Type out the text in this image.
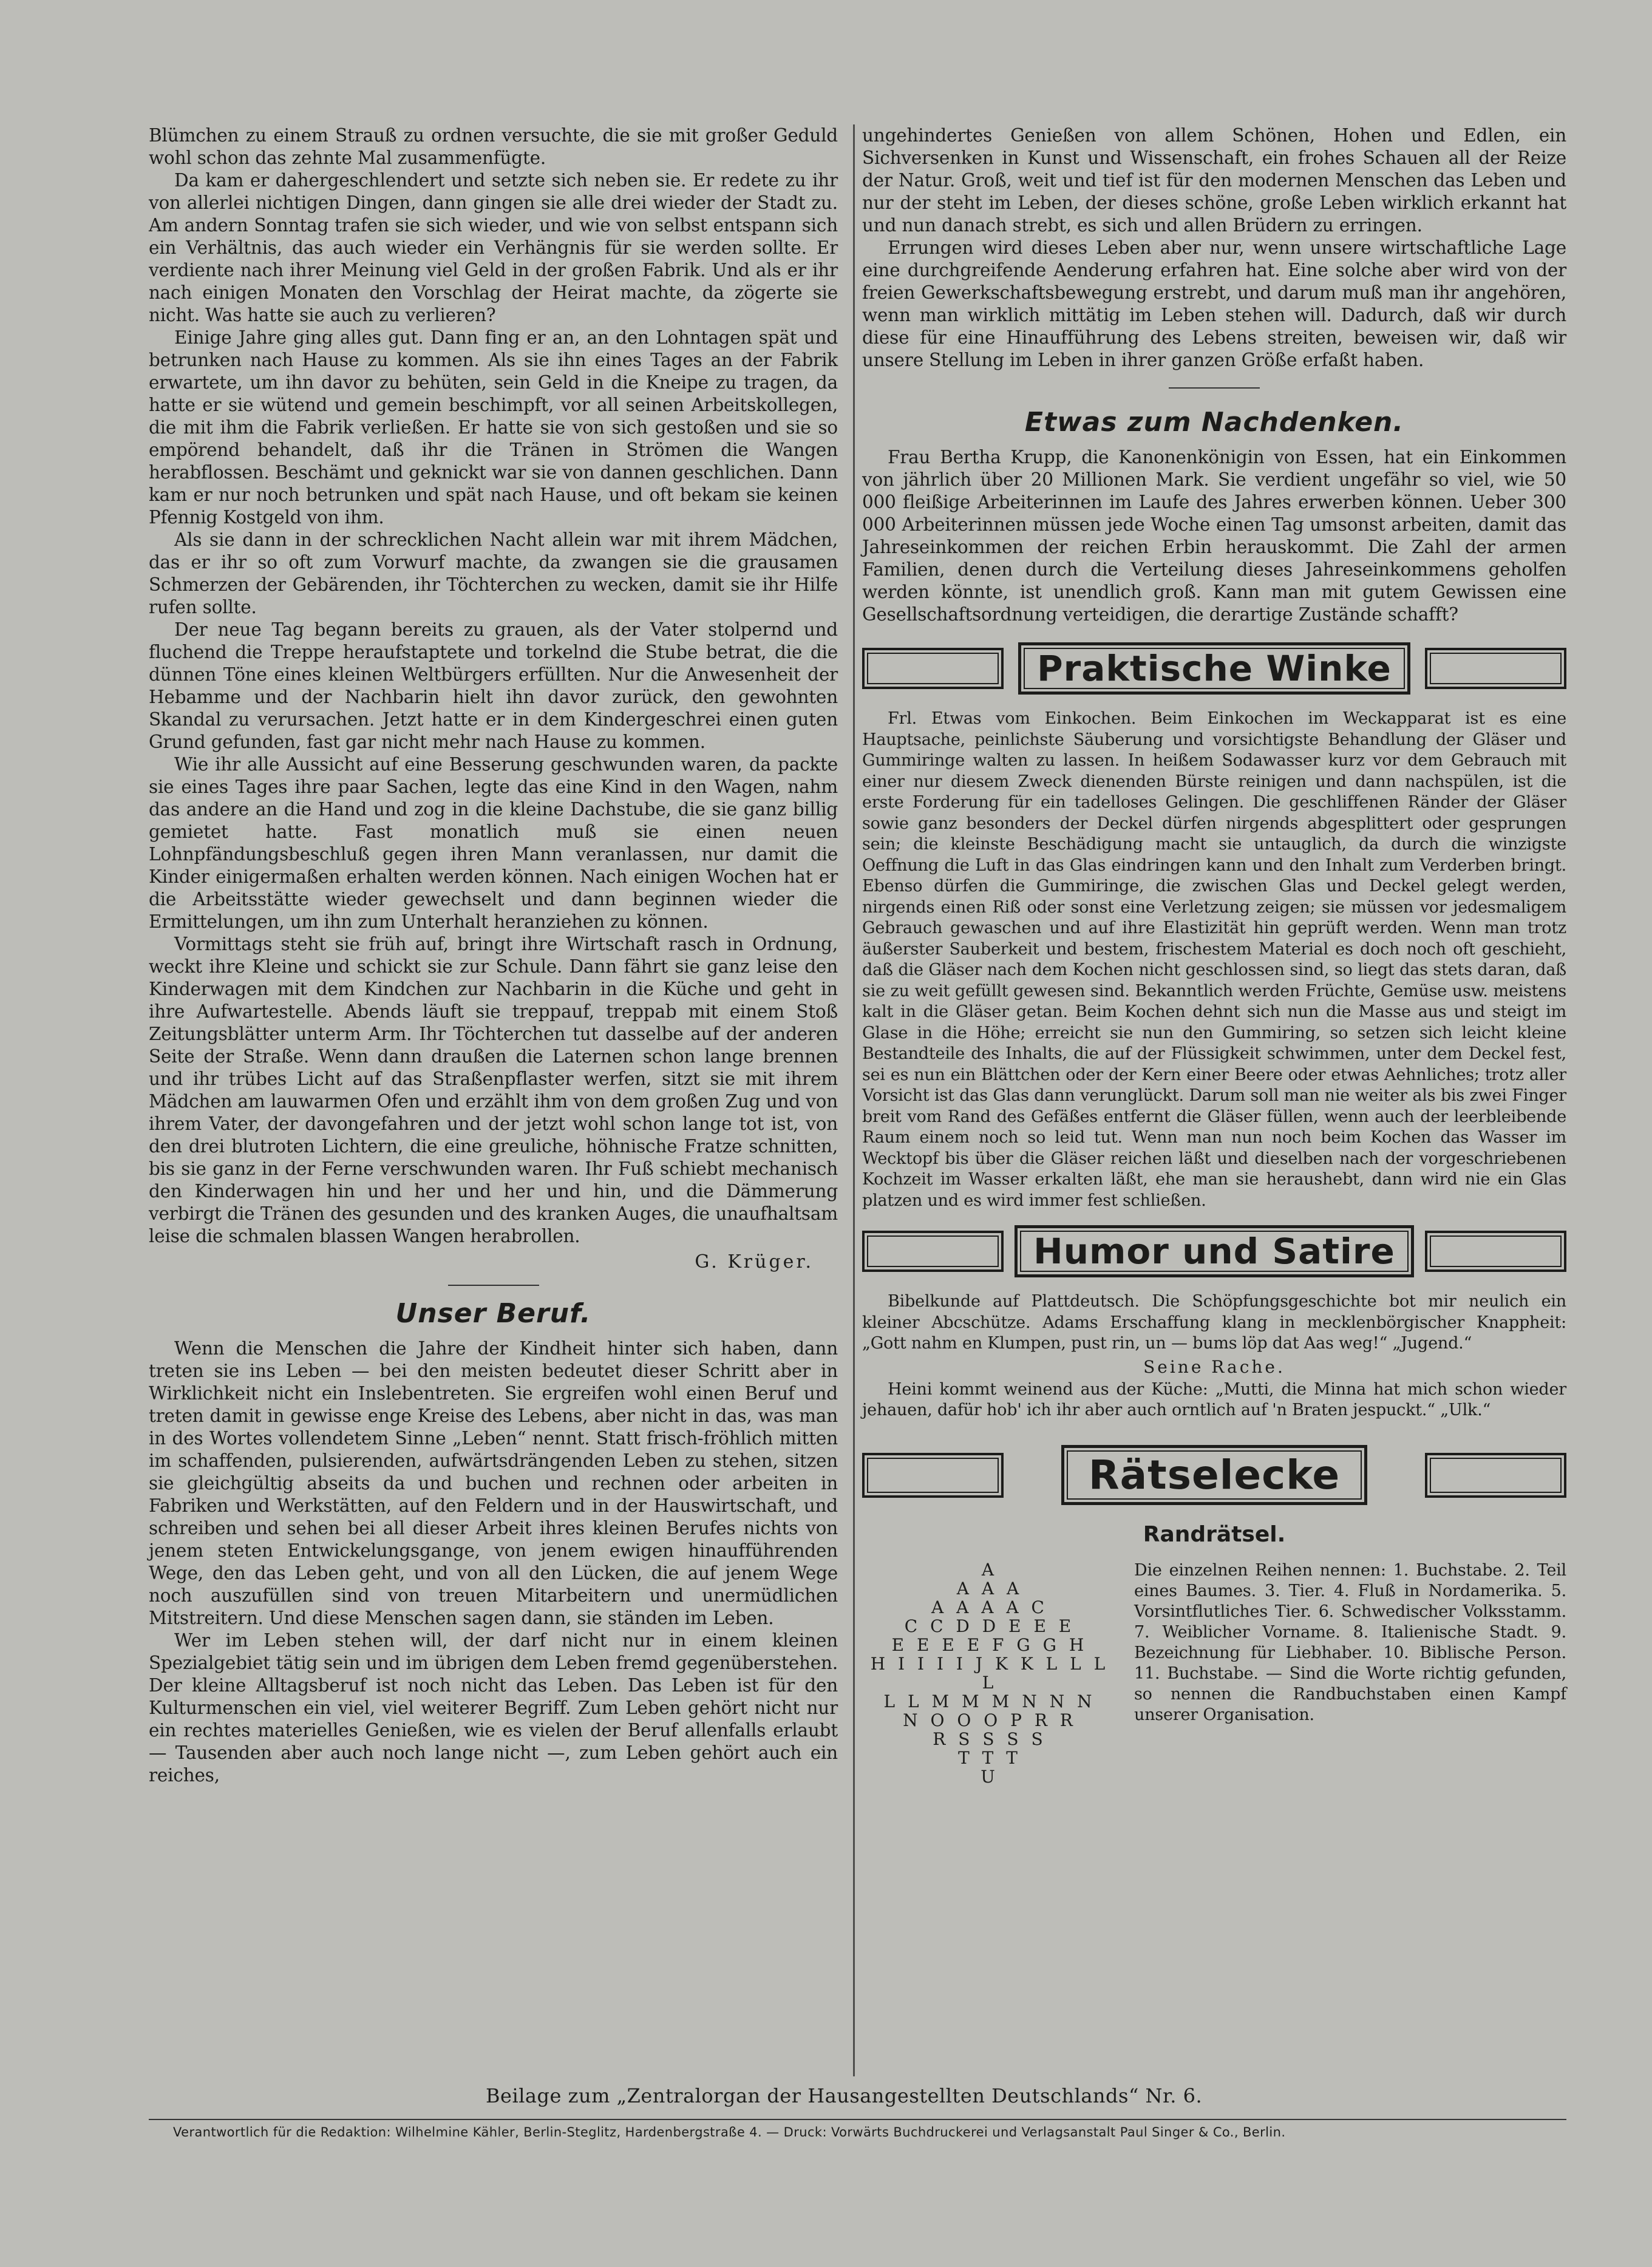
Blümchen zu einem Strauß zu ordnen versuchte, die sie mit großer Geduld wohl schon das zehnte Mal zusammenfügte.

Da kam er dahergeschlendert und setzte sich neben sie. Er redete zu ihr von allerlei nichtigen Dingen, dann gingen sie alle drei wieder der Stadt zu. Am andern Sonntag trafen sie sich wieder, und wie von selbst entspann sich ein Verhältnis, das auch wieder ein Verhängnis für sie werden sollte. Er verdiente nach ihrer Meinung viel Geld in der großen Fabrik. Und als er ihr nach einigen Monaten den Vorschlag der Heirat machte, da zögerte sie nicht. Was hatte sie auch zu verlieren?

Einige Jahre ging alles gut. Dann fing er an, an den Lohntagen spät und betrunken nach Hause zu kommen. Als sie ihn eines Tages an der Fabrik erwartete, um ihn davor zu behüten, sein Geld in die Kneipe zu tragen, da hatte er sie wütend und gemein beschimpft, vor all seinen Arbeitskollegen, die mit ihm die Fabrik verließen. Er hatte sie von sich gestoßen und sie so empörend behandelt, daß ihr die Tränen in Strömen die Wangen herabflossen. Beschämt und geknickt war sie von dannen geschlichen. Dann kam er nur noch betrunken und spät nach Hause, und oft bekam sie keinen Pfennig Kostgeld von ihm.

Als sie dann in der schrecklichen Nacht allein war mit ihrem Mädchen, das er ihr so oft zum Vorwurf machte, da zwangen sie die grausamen Schmerzen der Gebärenden, ihr Töchterchen zu wecken, damit sie ihr Hilfe rufen sollte.

Der neue Tag begann bereits zu grauen, als der Vater stolpernd und fluchend die Treppe heraufstaptete und torkelnd die Stube betrat, die die dünnen Töne eines kleinen Weltbürgers erfüllten. Nur die Anwesenheit der Hebamme und der Nachbarin hielt ihn davor zurück, den gewohnten Skandal zu verursachen. Jetzt hatte er in dem Kindergeschrei einen guten Grund gefunden, fast gar nicht mehr nach Hause zu kommen.

Wie ihr alle Aussicht auf eine Besserung geschwunden waren, da packte sie eines Tages ihre paar Sachen, legte das eine Kind in den Wagen, nahm das andere an die Hand und zog in die kleine Dachstube, die sie ganz billig gemietet hatte. Fast monatlich muß sie einen neuen Lohnpfändungsbeschluß gegen ihren Mann veranlassen, nur damit die Kinder einigermaßen erhalten werden können. Nach einigen Wochen hat er die Arbeitsstätte wieder gewechselt und dann beginnen wieder die Ermittelungen, um ihn zum Unterhalt heranziehen zu können.

Vormittags steht sie früh auf, bringt ihre Wirtschaft rasch in Ordnung, weckt ihre Kleine und schickt sie zur Schule. Dann fährt sie ganz leise den Kinderwagen mit dem Kindchen zur Nachbarin in die Küche und geht in ihre Aufwartestelle. Abends läuft sie treppauf, treppab mit einem Stoß Zeitungsblätter unterm Arm. Ihr Töchterchen tut dasselbe auf der anderen Seite der Straße. Wenn dann draußen die Laternen schon lange brennen und ihr trübes Licht auf das Straßenpflaster werfen, sitzt sie mit ihrem Mädchen am lauwarmen Ofen und erzählt ihm von dem großen Zug und von ihrem Vater, der davongefahren und der jetzt wohl schon lange tot ist, von den drei blutroten Lichtern, die eine greuliche, höhnische Fratze schnitten, bis sie ganz in der Ferne verschwunden waren. Ihr Fuß schiebt mechanisch den Kinderwagen hin und her und her und hin, und die Dämmerung verbirgt die Tränen des gesunden und des kranken Auges, die unaufhaltsam leise die schmalen blassen Wangen herabrollen.

G. Krüger.
Unser Beruf.

Wenn die Menschen die Jahre der Kindheit hinter sich haben, dann treten sie ins Leben — bei den meisten bedeutet dieser Schritt aber in Wirklichkeit nicht ein Inslebentreten. Sie ergreifen wohl einen Beruf und treten damit in gewisse enge Kreise des Lebens, aber nicht in das, was man in des Wortes vollendetem Sinne „Leben“ nennt. Statt frisch-fröhlich mitten im schaffenden, pulsierenden, aufwärtsdrängenden Leben zu stehen, sitzen sie gleichgültig abseits da und buchen und rechnen oder arbeiten in Fabriken und Werkstätten, auf den Feldern und in der Hauswirtschaft, und schreiben und sehen bei all dieser Arbeit ihres kleinen Berufes nichts von jenem steten Entwickelungsgange, von jenem ewigen hinaufführenden Wege, den das Leben geht, und von all den Lücken, die auf jenem Wege noch auszufüllen sind von treuen Mitarbeitern und unermüdlichen Mitstreitern. Und diese Menschen sagen dann, sie ständen im Leben.

Wer im Leben stehen will, der darf nicht nur in einem kleinen Spezialgebiet tätig sein und im übrigen dem Leben fremd gegenüberstehen. Der kleine Alltagsberuf ist noch nicht das Leben. Das Leben ist für den Kulturmenschen ein viel, viel weiterer Begriff. Zum Leben gehört nicht nur ein rechtes materielles Genießen, wie es vielen der Beruf allenfalls erlaubt — Tausenden aber auch noch lange nicht —, zum Leben gehört auch ein reiches,

ungehindertes Genießen von allem Schönen, Hohen und Edlen, ein Sichversenken in Kunst und Wissenschaft, ein frohes Schauen all der Reize der Natur. Groß, weit und tief ist für den modernen Menschen das Leben und nur der steht im Leben, der dieses schöne, große Leben wirklich erkannt hat und nun danach strebt, es sich und allen Brüdern zu erringen.

Errungen wird dieses Leben aber nur, wenn unsere wirtschaftliche Lage eine durchgreifende Aenderung erfahren hat. Eine solche aber wird von der freien Gewerkschaftsbewegung erstrebt, und darum muß man ihr angehören, wenn man wirklich mittätig im Leben stehen will. Dadurch, daß wir durch diese für eine Hinaufführung des Lebens streiten, beweisen wir, daß wir unsere Stellung im Leben in ihrer ganzen Größe erfaßt haben.

Etwas zum Nachdenken.

Frau Bertha Krupp, die Kanonenkönigin von Essen, hat ein Einkommen von jährlich über 20 Millionen Mark. Sie verdient ungefähr so viel, wie 50 000 fleißige Arbeiterinnen im Laufe des Jahres erwerben können. Ueber 300 000 Arbeiterinnen müssen jede Woche einen Tag umsonst arbeiten, damit das Jahreseinkommen der reichen Erbin herauskommt. Die Zahl der armen Familien, denen durch die Verteilung dieses Jahreseinkommens geholfen werden könnte, ist unendlich groß. Kann man mit gutem Gewissen eine Gesellschaftsordnung verteidigen, die derartige Zustände schafft?

Praktische Winke

Frl. Etwas vom Einkochen. Beim Einkochen im Weckapparat ist es eine Hauptsache, peinlichste Säuberung und vorsichtigste Behandlung der Gläser und Gummiringe walten zu lassen. In heißem Sodawasser kurz vor dem Gebrauch mit einer nur diesem Zweck dienenden Bürste reinigen und dann nachspülen, ist die erste Forderung für ein tadelloses Gelingen. Die geschliffenen Ränder der Gläser sowie ganz besonders der Deckel dürfen nirgends abgesplittert oder gesprungen sein; die kleinste Beschädigung macht sie untauglich, da durch die winzigste Oeffnung die Luft in das Glas eindringen kann und den Inhalt zum Verderben bringt. Ebenso dürfen die Gummiringe, die zwischen Glas und Deckel gelegt werden, nirgends einen Riß oder sonst eine Verletzung zeigen; sie müssen vor jedesmaligem Gebrauch gewaschen und auf ihre Elastizität hin geprüft werden. Wenn man trotz äußerster Sauberkeit und bestem, frischestem Material es doch noch oft geschieht, daß die Gläser nach dem Kochen nicht geschlossen sind, so liegt das stets daran, daß sie zu weit gefüllt gewesen sind. Bekanntlich werden Früchte, Gemüse usw. meistens kalt in die Gläser getan. Beim Kochen dehnt sich nun die Masse aus und steigt im Glase in die Höhe; erreicht sie nun den Gummiring, so setzen sich leicht kleine Bestandteile des Inhalts, die auf der Flüssigkeit schwimmen, unter dem Deckel fest, sei es nun ein Blättchen oder der Kern einer Beere oder etwas Aehnliches; trotz aller Vorsicht ist das Glas dann verunglückt. Darum soll man nie weiter als bis zwei Finger breit vom Rand des Gefäßes entfernt die Gläser füllen, wenn auch der leerbleibende Raum einem noch so leid tut. Wenn man nun noch beim Kochen das Wasser im Wecktopf bis über die Gläser reichen läßt und dieselben nach der vorgeschriebenen Kochzeit im Wasser erkalten läßt, ehe man sie heraushebt, dann wird nie ein Glas platzen und es wird immer fest schließen.

Humor und Satire

Bibelkunde auf Plattdeutsch. Die Schöpfungsgeschichte bot mir neulich ein kleiner Abcschütze. Adams Erschaffung klang in mecklenbörgischer Knappheit: „Gott nahm en Klumpen, pust rin, un — bums löp dat Aas weg!“ „Jugend.“

Seine Rache.

Heini kommt weinend aus der Küche: „Mutti, die Minna hat mich schon wieder jehauen, dafür hob' ich ihr aber auch orntlich auf 'n Braten jespuckt.“ „Ulk.“

Rätselecke
Randrätsel.
A
A A A
A A A A C
C C D D E E E
E E E E F G G H
H I I I I J K K L L L L
L L M M M N N N
N O O O P R R
R S S S S
T T T
U

Die einzelnen Reihen nennen: 1. Buchstabe. 2. Teil eines Baumes. 3. Tier. 4. Fluß in Nordamerika. 5. Vorsintflutliches Tier. 6. Schwedischer Volksstamm. 7. Weiblicher Vorname. 8. Italienische Stadt. 9. Bezeichnung für Liebhaber. 10. Biblische Person. 11. Buchstabe. — Sind die Worte richtig gefunden, so nennen die Randbuchstaben einen Kampf unserer Organisation.

Beilage zum „Zentralorgan der Hausangestellten Deutschlands“ Nr. 6.
Verantwortlich für die Redaktion: Wilhelmine Kähler, Berlin-Steglitz, Hardenbergstraße 4. — Druck: Vorwärts Buchdruckerei und Verlagsanstalt Paul Singer & Co., Berlin.
